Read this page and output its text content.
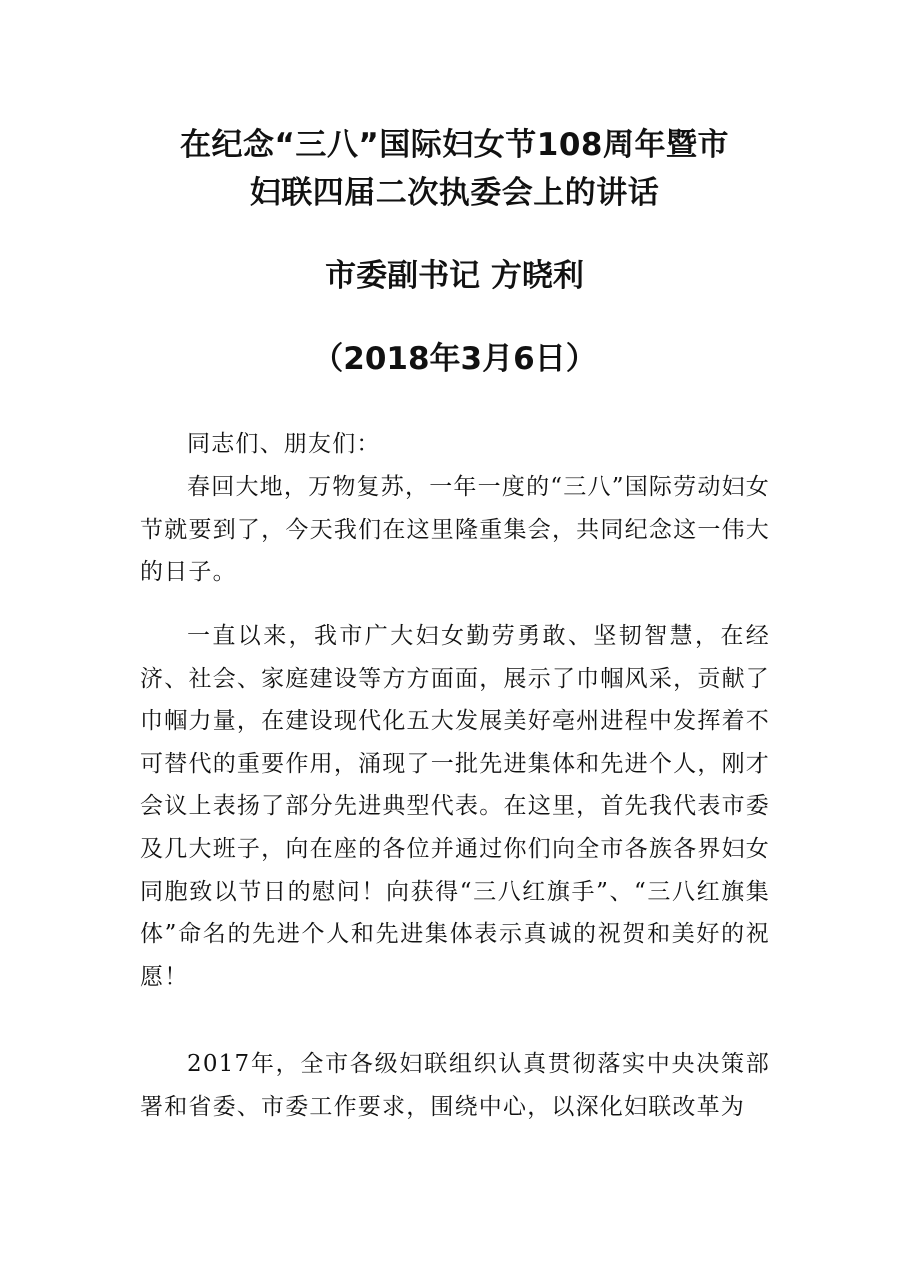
在纪念“三八”国际妇女节108周年暨市
妇联四届二次执委会上的讲话
市委副书记 方晓利
（2018年3月6日）
同志们、朋友们：
春回大地，万物复苏，一年一度的“三八”国际劳动妇女节就要到了，今天我们在这里隆重集会，共同纪念这一伟大的日子。
一直以来，我市广大妇女勤劳勇敢、坚韧智慧，在经济、社会、家庭建设等方方面面，展示了巾帼风采，贡献了巾帼力量，在建设现代化五大发展美好亳州进程中发挥着不可替代的重要作用，涌现了一批先进集体和先进个人，刚才会议上表扬了部分先进典型代表。在这里，首先我代表市委及几大班子，向在座的各位并通过你们向全市各族各界妇女同胞致以节日的慰问！向获得“三八红旗手”、“三八红旗集体”命名的先进个人和先进集体表示真诚的祝贺和美好的祝愿！
2017年，全市各级妇联组织认真贯彻落实中央决策部署和省委、市委工作要求，围绕中心，以深化妇联改革为
